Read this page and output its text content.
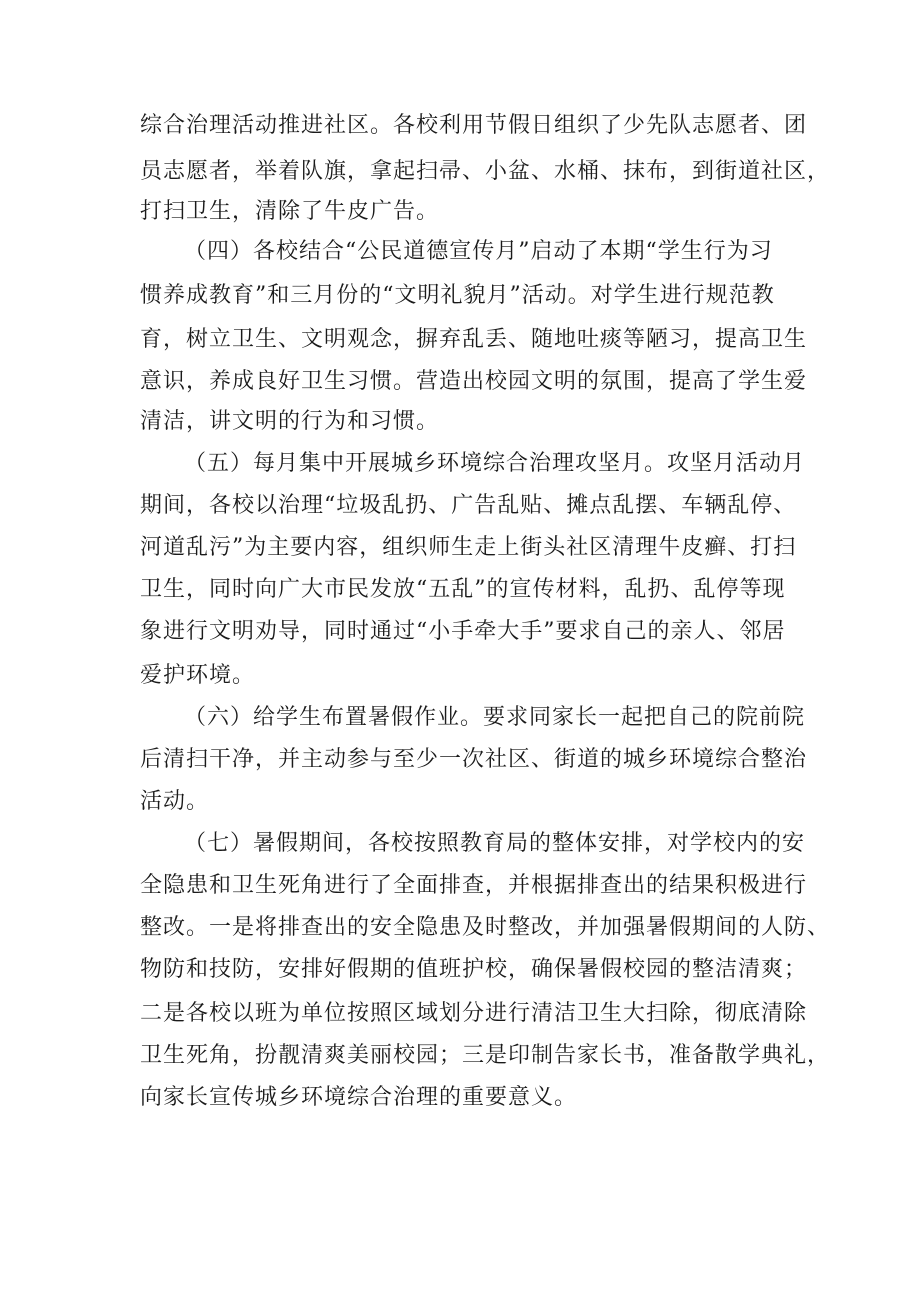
综合治理活动推进社区。各校利用节假日组织了少先队志愿者、团
员志愿者，举着队旗，拿起扫帚、小盆、水桶、抹布，到街道社区，
打扫卫生，清除了牛皮广告。
（四）各校结合“公民道德宣传月”启动了本期“学生行为习
惯养成教育”和三月份的“文明礼貌月”活动。对学生进行规范教
育，树立卫生、文明观念，摒弃乱丢、随地吐痰等陋习，提高卫生
意识，养成良好卫生习惯。营造出校园文明的氛围，提高了学生爱
清洁，讲文明的行为和习惯。
（五）每月集中开展城乡环境综合治理攻坚月。攻坚月活动月
期间，各校以治理“垃圾乱扔、广告乱贴、摊点乱摆、车辆乱停、
河道乱污”为主要内容，组织师生走上街头社区清理牛皮癣、打扫
卫生，同时向广大市民发放“五乱”的宣传材料，乱扔、乱停等现
象进行文明劝导，同时通过“小手牵大手”要求自己的亲人、邻居
爱护环境。
（六）给学生布置暑假作业。要求同家长一起把自己的院前院
后清扫干净，并主动参与至少一次社区、街道的城乡环境综合整治
活动。
（七）暑假期间，各校按照教育局的整体安排，对学校内的安
全隐患和卫生死角进行了全面排查，并根据排查出的结果积极进行
整改。一是将排查出的安全隐患及时整改，并加强暑假期间的人防、
物防和技防，安排好假期的值班护校，确保暑假校园的整洁清爽；
二是各校以班为单位按照区域划分进行清洁卫生大扫除，彻底清除
卫生死角，扮靓清爽美丽校园；三是印制告家长书，准备散学典礼，
向家长宣传城乡环境综合治理的重要意义。
